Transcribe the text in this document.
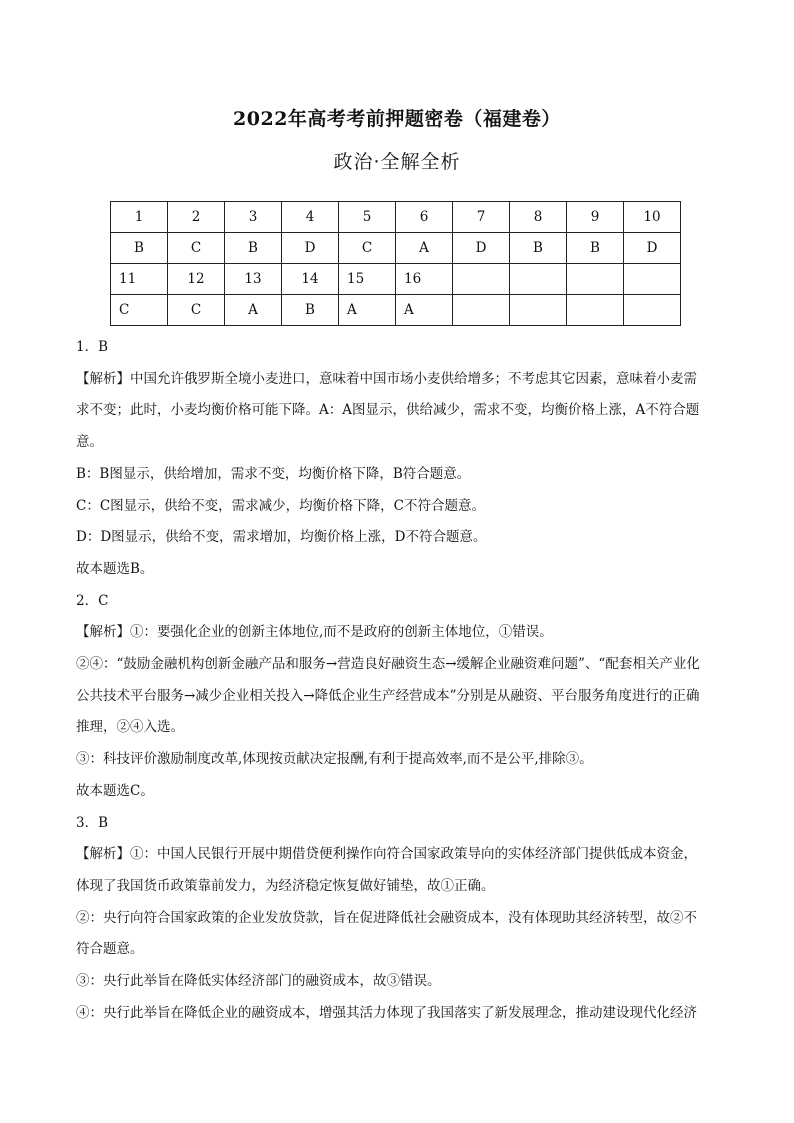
2022年高考考前押题密卷（福建卷）
政治·全解全析
1	2	3	4	5	6	7	8	9	10
B	C	B	D	C	A	D	B	B	D
11	12	13	14	15	16				
C	C	A	B	A	A				

1．B

【解析】中国允许俄罗斯全境小麦进口，意味着中国市场小麦供给增多；不考虑其它因素，意味着小麦需

求不变；此时，小麦均衡价格可能下降。A：A图显示，供给减少，需求不变，均衡价格上涨，A不符合题

意。

B：B图显示，供给增加，需求不变，均衡价格下降，B符合题意。

C：C图显示，供给不变，需求减少，均衡价格下降，C不符合题意。

D：D图显示，供给不变，需求增加，均衡价格上涨，D不符合题意。

故本题选B。

2．C

【解析】①：要强化企业的创新主体地位,而不是政府的创新主体地位，①错误。

②④：“鼓励金融机构创新金融产品和服务→营造良好融资生态→缓解企业融资难问题”、“配套相关产业化

公共技术平台服务→减少企业相关投入→降低企业生产经营成本”分别是从融资、平台服务角度进行的正确

推理，②④入选。

③：科技评价激励制度改革,体现按贡献决定报酬,有利于提高效率,而不是公平,排除③。

故本题选C。

3．B

【解析】①：中国人民银行开展中期借贷便利操作向符合国家政策导向的实体经济部门提供低成本资金，

体现了我国货币政策靠前发力，为经济稳定恢复做好铺垫，故①正确。

②：央行向符合国家政策的企业发放贷款，旨在促进降低社会融资成本，没有体现助其经济转型，故②不

符合题意。

③：央行此举旨在降低实体经济部门的融资成本，故③错误。

④：央行此举旨在降低企业的融资成本，增强其活力体现了我国落实了新发展理念，推动建设现代化经济
